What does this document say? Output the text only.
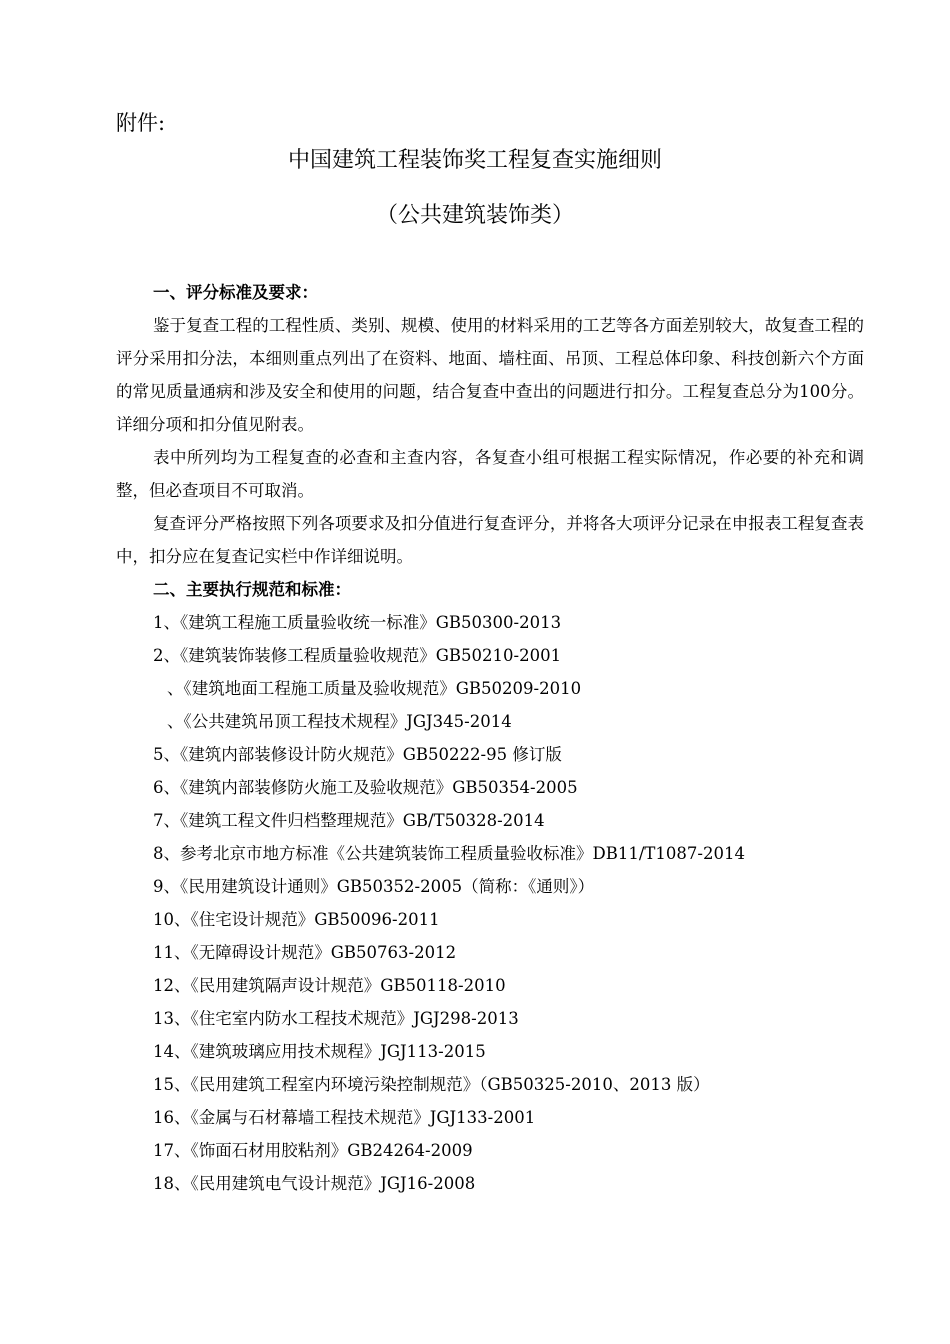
附件:
中国建筑工程装饰奖工程复查实施细则
（公共建筑装饰类）
一、评分标准及要求：

鉴于复查工程的工程性质、类别、规模、使用的材料采用的工艺等各方面差别较大，故复查工程的评分采用扣分法，本细则重点列出了在资料、地面、墙柱面、吊顶、工程总体印象、科技创新六个方面的常见质量通病和涉及安全和使用的问题，结合复查中查出的问题进行扣分。工程复查总分为100分。详细分项和扣分值见附表。

表中所列均为工程复查的必查和主查内容，各复查小组可根据工程实际情况，作必要的补充和调整，但必查项目不可取消。

复查评分严格按照下列各项要求及扣分值进行复查评分，并将各大项评分记录在申报表工程复查表中，扣分应在复查记实栏中作详细说明。

二、主要执行规范和标准：
1、《建筑工程施工质量验收统一标准》GB50300-2013
2、《建筑装饰装修工程质量验收规范》GB50210-2001
、《建筑地面工程施工质量及验收规范》GB50209-2010
、《公共建筑吊顶工程技术规程》JGJ345-2014
5、《建筑内部装修设计防火规范》GB50222-95 修订版
6、《建筑内部装修防火施工及验收规范》GB50354-2005
7、《建筑工程文件归档整理规范》GB/T50328-2014
8、参考北京市地方标准《公共建筑装饰工程质量验收标准》DB11/T1087-2014
9、《民用建筑设计通则》GB50352-2005（简称：《通则》）
10、《住宅设计规范》GB50096-2011
11、《无障碍设计规范》GB50763-2012
12、《民用建筑隔声设计规范》GB50118-2010
13、《住宅室内防水工程技术规范》JGJ298-2013
14、《建筑玻璃应用技术规程》JGJ113-2015
15、《民用建筑工程室内环境污染控制规范》（GB50325-2010、2013 版）
16、《金属与石材幕墙工程技术规范》JGJ133-2001
17、《饰面石材用胶粘剂》GB24264-2009
18、《民用建筑电气设计规范》JGJ16-2008
